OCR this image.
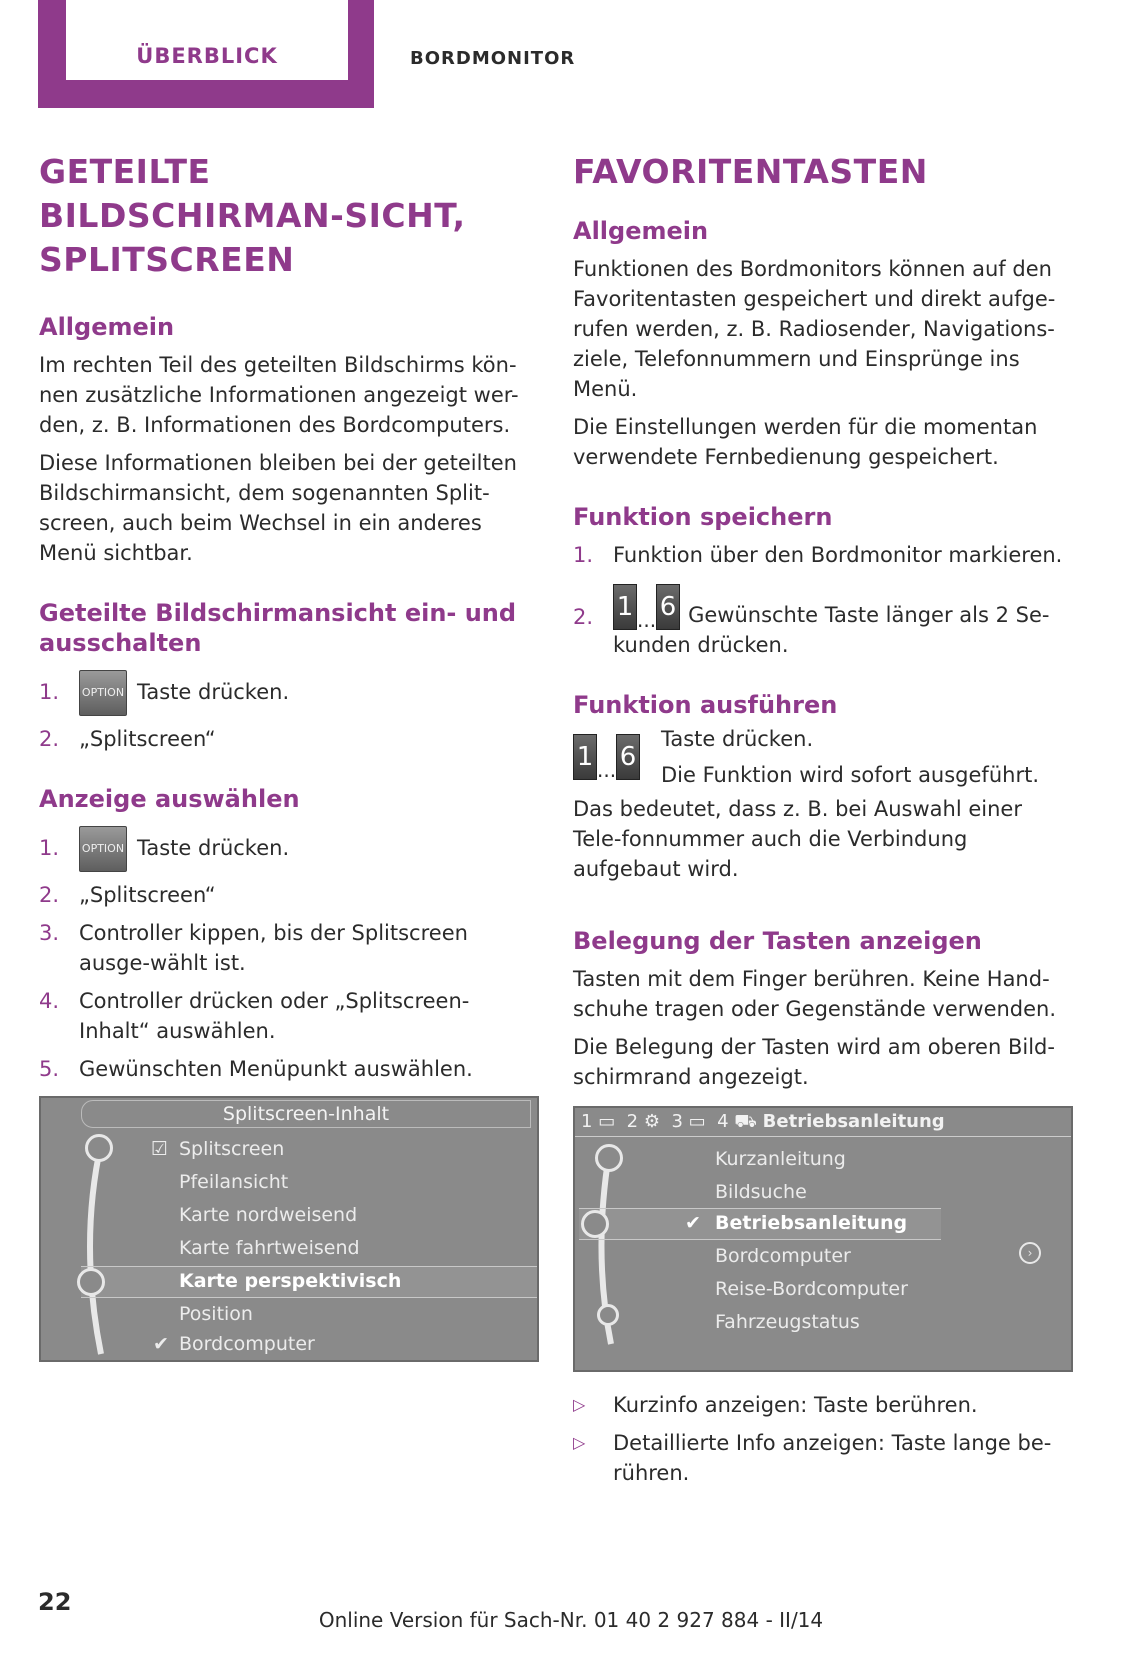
ÜBERBLICK	BORDMONITOR
GETEILTE BILDSCHIRMAN-SICHT, SPLITSCREEN
Allgemein

Im rechten Teil des geteilten Bildschirms kön-nen zusätzliche Informationen angezeigt wer-den, z. B. Informationen des Bordcomputers.

Diese Informationen bleiben bei der geteilten Bildschirmansicht, dem sogenannten Split-screen, auch beim Wechsel in ein anderes Menü sichtbar.

Geteilte Bildschirmansicht ein- und ausschalten
1. OPTION Taste drücken.
2. „Splitscreen“
Anzeige auswählen
1. OPTION Taste drücken.
2. „Splitscreen“
3. Controller kippen, bis der Splitscreen ausge-wählt ist.
4. Controller drücken oder „Splitscreen-Inhalt“ auswählen.
5. Gewünschten Menüpunkt auswählen.
Splitscreen-Inhalt
☑ Splitscreen
Pfeilansicht
Karte nordweisend
Karte fahrtweisend
Karte perspektivisch
Position
✔ Bordcomputer
FAVORITENTASTEN
Allgemein

Funktionen des Bordmonitors können auf den Favoritentasten gespeichert und direkt aufge-rufen werden, z. B. Radiosender, Navigations-ziele, Telefonnummern und Einsprünge ins Menü.

Die Einstellungen werden für die momentan verwendete Fernbedienung gespeichert.

Funktion speichern
1. Funktion über den Bordmonitor markieren.
2. 1 ... 6 Gewünschte Taste länger als 2 Se-kunden drücken.
Funktion ausführen
1 ... 6

Taste drücken.

Die Funktion wird sofort ausgeführt.

Das bedeutet, dass z. B. bei Auswahl einer Tele-fonnummer auch die Verbindung aufgebaut wird.

Belegung der Tasten anzeigen

Tasten mit dem Finger berühren. Keine Hand-schuhe tragen oder Gegenstände verwenden.

Die Belegung der Tasten wird am oberen Bild-schirmrand angezeigt.

1 ▭ 2 ⚙ 3 ▭ 4 ⛟ Betriebsanleitung
Kurzanleitung
Bildsuche
✔ Betriebsanleitung
Bordcomputer
Reise-Bordcomputer
Fahrzeugstatus
›
▷ Kurzinfo anzeigen: Taste berühren.
▷ Detaillierte Info anzeigen: Taste lange be-rühren.
22
Online Version für Sach-Nr. 01 40 2 927 884 - II/14
